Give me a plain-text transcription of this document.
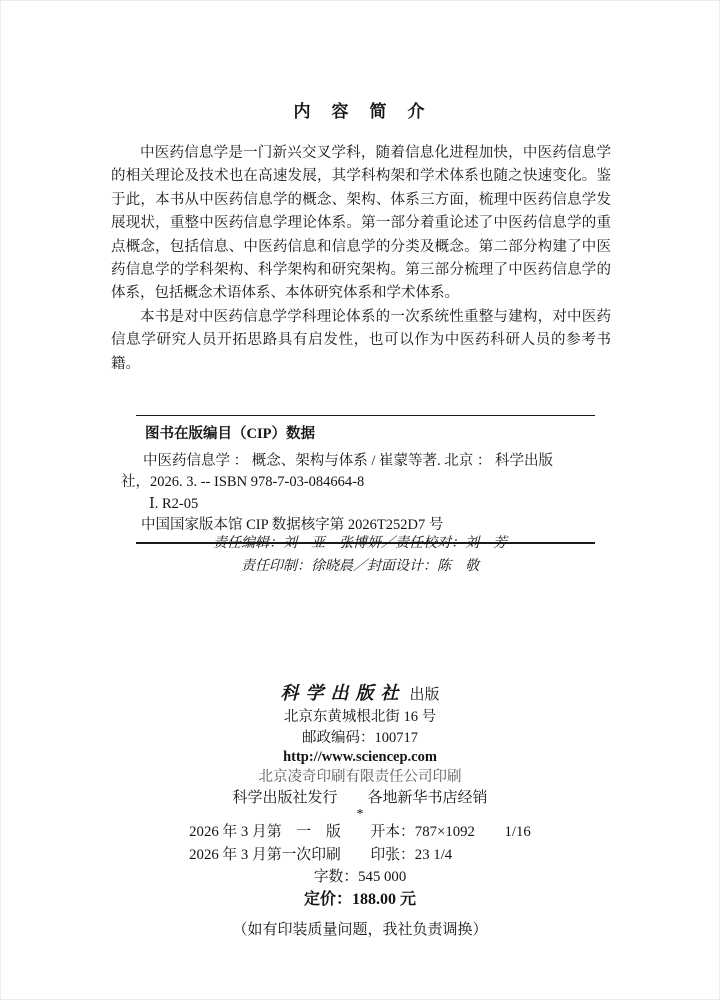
内　容　简　介

中医药信息学是一门新兴交叉学科，随着信息化进程加快，中医药信息学的相关理论及技术也在高速发展，其学科构架和学术体系也随之快速变化。鉴于此，本书从中医药信息学的概念、架构、体系三方面，梳理中医药信息学发展现状，重整中医药信息学理论体系。第一部分着重论述了中医药信息学的重点概念，包括信息、中医药信息和信息学的分类及概念。第二部分构建了中医药信息学的学科架构、科学架构和研究架构。第三部分梳理了中医药信息学的体系，包括概念术语体系、本体研究体系和学术体系。

本书是对中医药信息学学科理论体系的一次系统性重整与建构，对中医药信息学研究人员开拓思路具有启发性，也可以作为中医药科研人员的参考书籍。

图书在版编目（CIP）数据
中医药信息学 ： 概念、架构与体系 / 崔蒙等著. 北京 ： 科学出版
社，2026. 3. -- ISBN 978-7-03-084664-8
Ⅰ. R2-05
中国国家版本馆 CIP 数据核字第 2026T252D7 号
责任编辑：刘　亚　张博妍／责任校对：刘　芳
责任印制：徐晓晨／封面设计：陈　敬
科学出版社 出版
北京东黄城根北街 16 号
邮政编码：100717
http://www.sciencep.com
北京凌奇印刷有限责任公司印刷
科学出版社发行　　各地新华书店经销
*
2026 年 3 月第　一　版　　开本：787×1092　　1/16
2026 年 3 月第一次印刷　　印张：23 1/4
字数：545 000
定价：188.00 元
（如有印装质量问题，我社负责调换）
